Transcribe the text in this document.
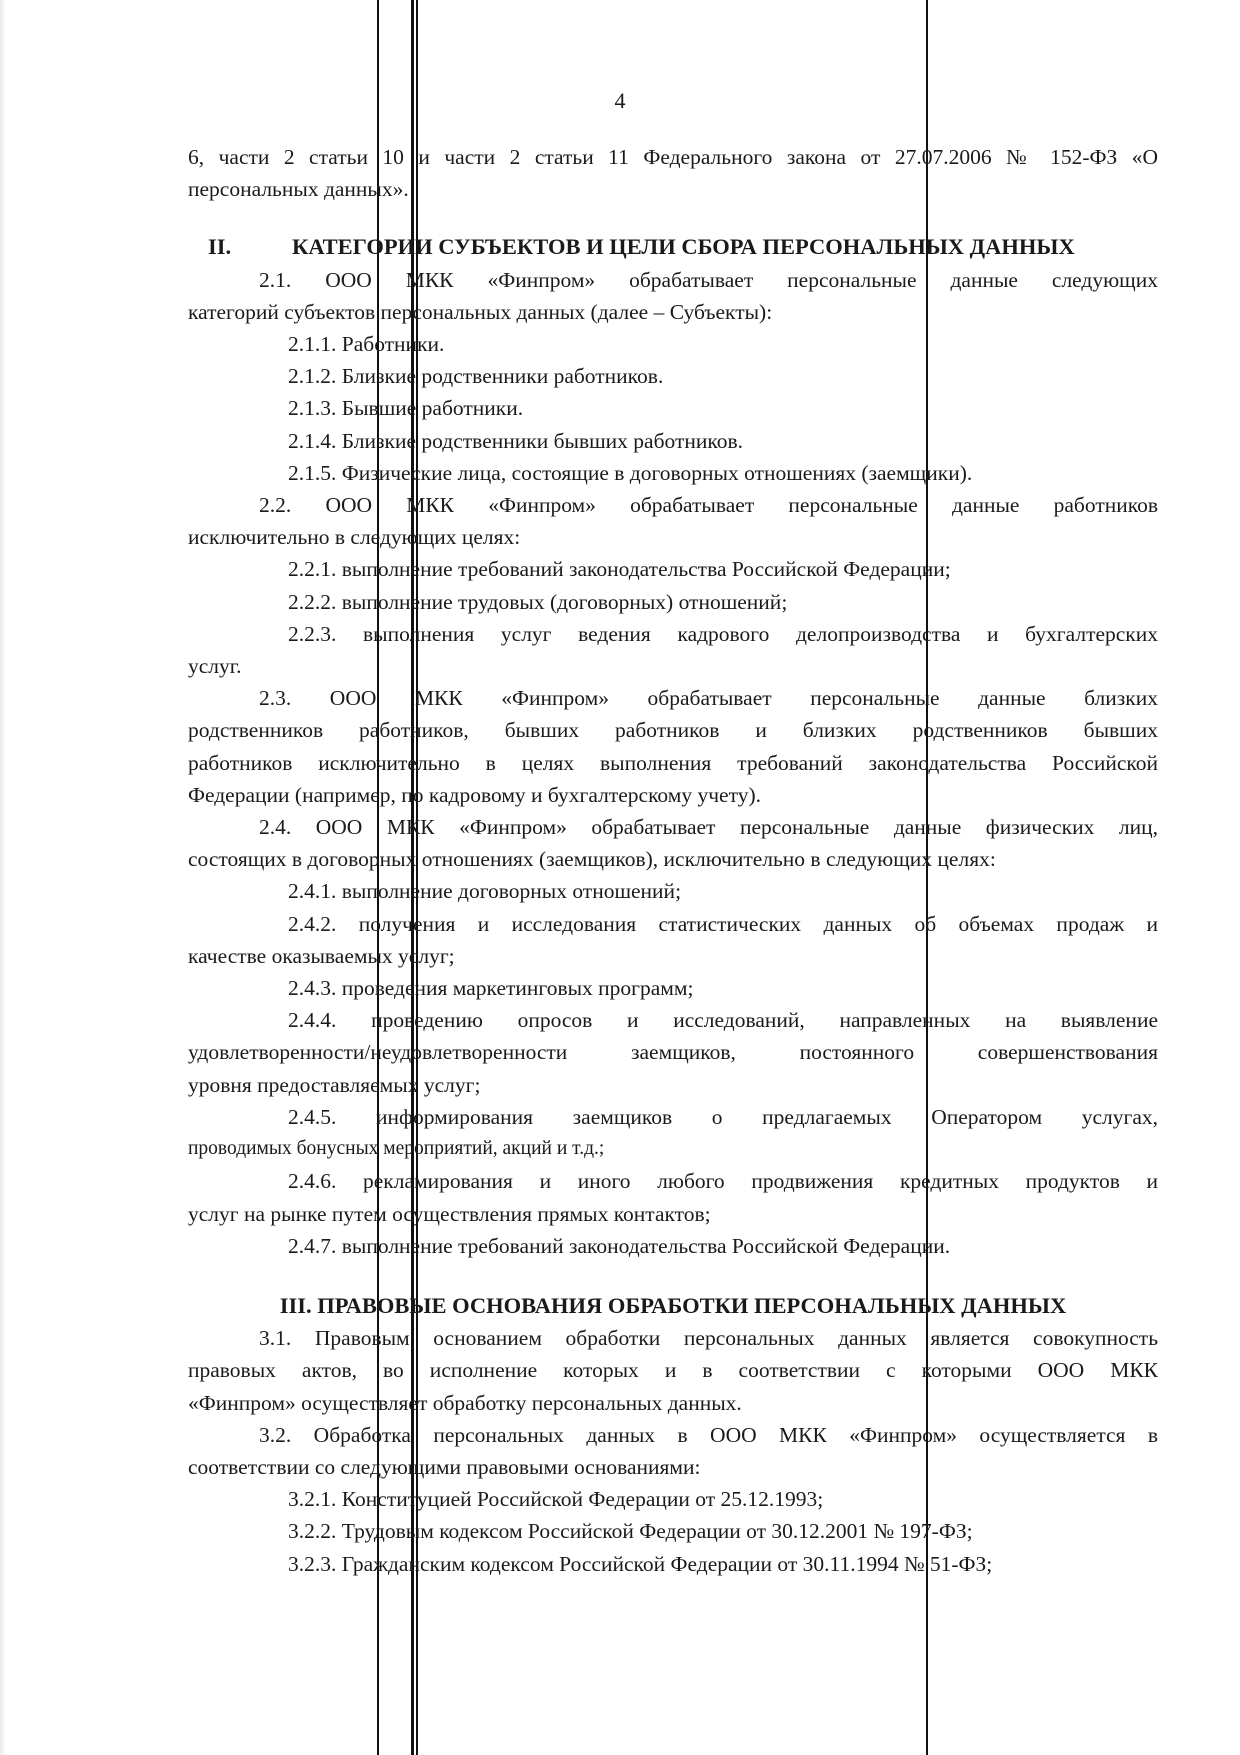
4
6, части 2 статьи 10 и части 2 статьи 11 Федерального закона от 27.07.2006 № 152-ФЗ «О
персональных данных».
II.	КАТЕГОРИИ СУБЪЕКТОВ И ЦЕЛИ СБОРА ПЕРСОНАЛЬНЫХ ДАННЫХ
2.1. ООО МКК «Финпром» обрабатывает персональные данные следующих
категорий субъектов персональных данных (далее – Субъекты):
2.1.1. Работники.
2.1.2. Близкие родственники работников.
2.1.3. Бывшие работники.
2.1.4. Близкие родственники бывших работников.
2.1.5. Физические лица, состоящие в договорных отношениях (заемщики).
2.2. ООО МКК «Финпром» обрабатывает персональные данные работников
исключительно в следующих целях:
2.2.1. выполнение требований законодательства Российской Федерации;
2.2.2. выполнение трудовых (договорных) отношений;
2.2.3. выполнения услуг ведения кадрового делопроизводства и бухгалтерских
услуг.
2.3. ООО МКК «Финпром» обрабатывает персональные данные близких
родственников работников, бывших работников и близких родственников бывших
работников исключительно в целях выполнения требований законодательства Российской
Федерации (например, по кадровому и бухгалтерскому учету).
2.4. ООО МКК «Финпром» обрабатывает персональные данные физических лиц,
состоящих в договорных отношениях (заемщиков), исключительно в следующих целях:
2.4.1. выполнение договорных отношений;
2.4.2. получения и исследования статистических данных об объемах продаж и
качестве оказываемых услуг;
2.4.3. проведения маркетинговых программ;
2.4.4. проведению опросов и исследований, направленных на выявление
удовлетворенности/неудовлетворенности заемщиков, постоянного совершенствования
уровня предоставляемых услуг;
2.4.5. информирования заемщиков о предлагаемых Оператором услугах,
проводимых бонусных мероприятий, акций и т.д.;
2.4.6. рекламирования и иного любого продвижения кредитных продуктов и
услуг на рынке путем осуществления прямых контактов;
2.4.7. выполнение требований законодательства Российской Федерации.
III. ПРАВОВЫЕ ОСНОВАНИЯ ОБРАБОТКИ ПЕРСОНАЛЬНЫХ ДАННЫХ
3.1. Правовым основанием обработки персональных данных является совокупность
правовых актов, во исполнение которых и в соответствии с которыми ООО МКК
«Финпром» осуществляет обработку персональных данных.
3.2. Обработка персональных данных в ООО МКК «Финпром» осуществляется в
соответствии со следующими правовыми основаниями:
3.2.1. Конституцией Российской Федерации от 25.12.1993;
3.2.2. Трудовым кодексом Российской Федерации от 30.12.2001 № 197-ФЗ;
3.2.3. Гражданским кодексом Российской Федерации от 30.11.1994 № 51-ФЗ;
